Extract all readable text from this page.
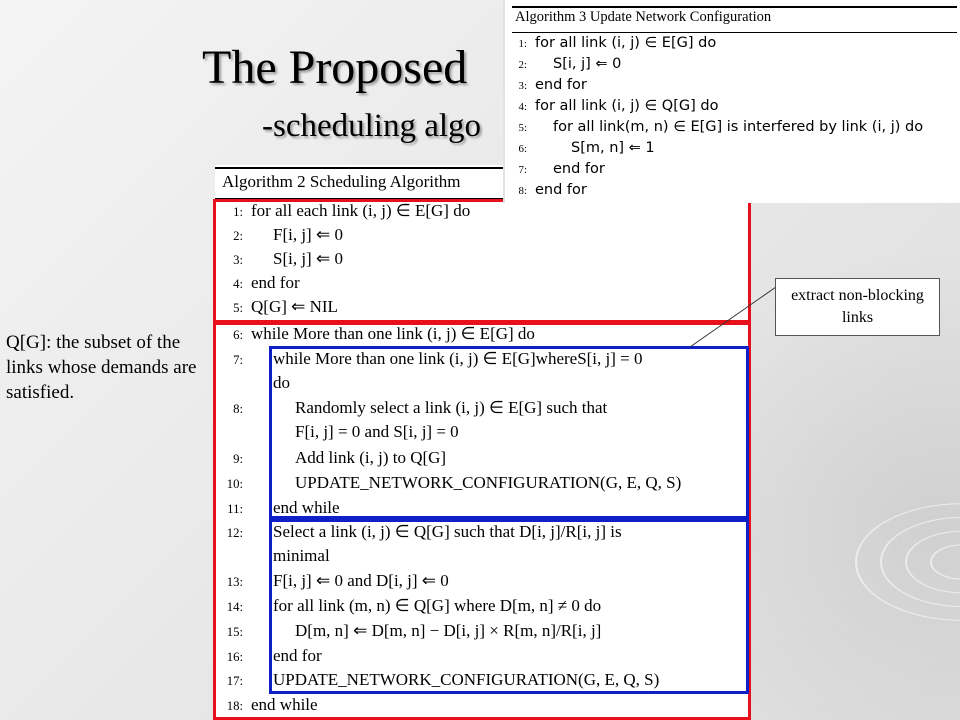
The Proposed
-scheduling algo
Algorithm 2 Scheduling Algorithm
1: for all each link (i, j) ∈ E[G] do
2:	F[i, j] ⇐ 0
3:	S[i, j] ⇐ 0
4: end for
5: Q[G] ⇐ NIL
6: while More than one link (i, j) ∈ E[G] do
7:	while More than one link (i, j) ∈ E[G]whereS[i, j] = 0
do
8:	Randomly select a link (i, j) ∈ E[G] such that
F[i, j] = 0 and S[i, j] = 0
9:	Add link (i, j) to Q[G]
10:	UPDATE_NETWORK_CONFIGURATION(G, E, Q, S)
11:	end while
12:	Select a link (i, j) ∈ Q[G] such that D[i, j]/R[i, j] is
minimal
13:	F[i, j] ⇐ 0 and D[i, j] ⇐ 0
14:	for all link (m, n) ∈ Q[G] where D[m, n] ≠ 0 do
15:	D[m, n] ⇐ D[m, n] − D[i, j] × R[m, n]/R[i, j]
16:	end for
17:	UPDATE_NETWORK_CONFIGURATION(G, E, Q, S)
18: end while
Algorithm 3 Update Network Configuration
1: for all link (i, j) ∈ E[G] do
2:	S[i, j] ⇐ 0
3: end for
4: for all link (i, j) ∈ Q[G] do
5:	for all link(m, n) ∈ E[G] is interfered by link (i, j) do
6:	S[m, n] ⇐ 1
7:	end for
8: end for
extract non-blocking links
Q[G]: the subset of the links whose demands are satisfied.
